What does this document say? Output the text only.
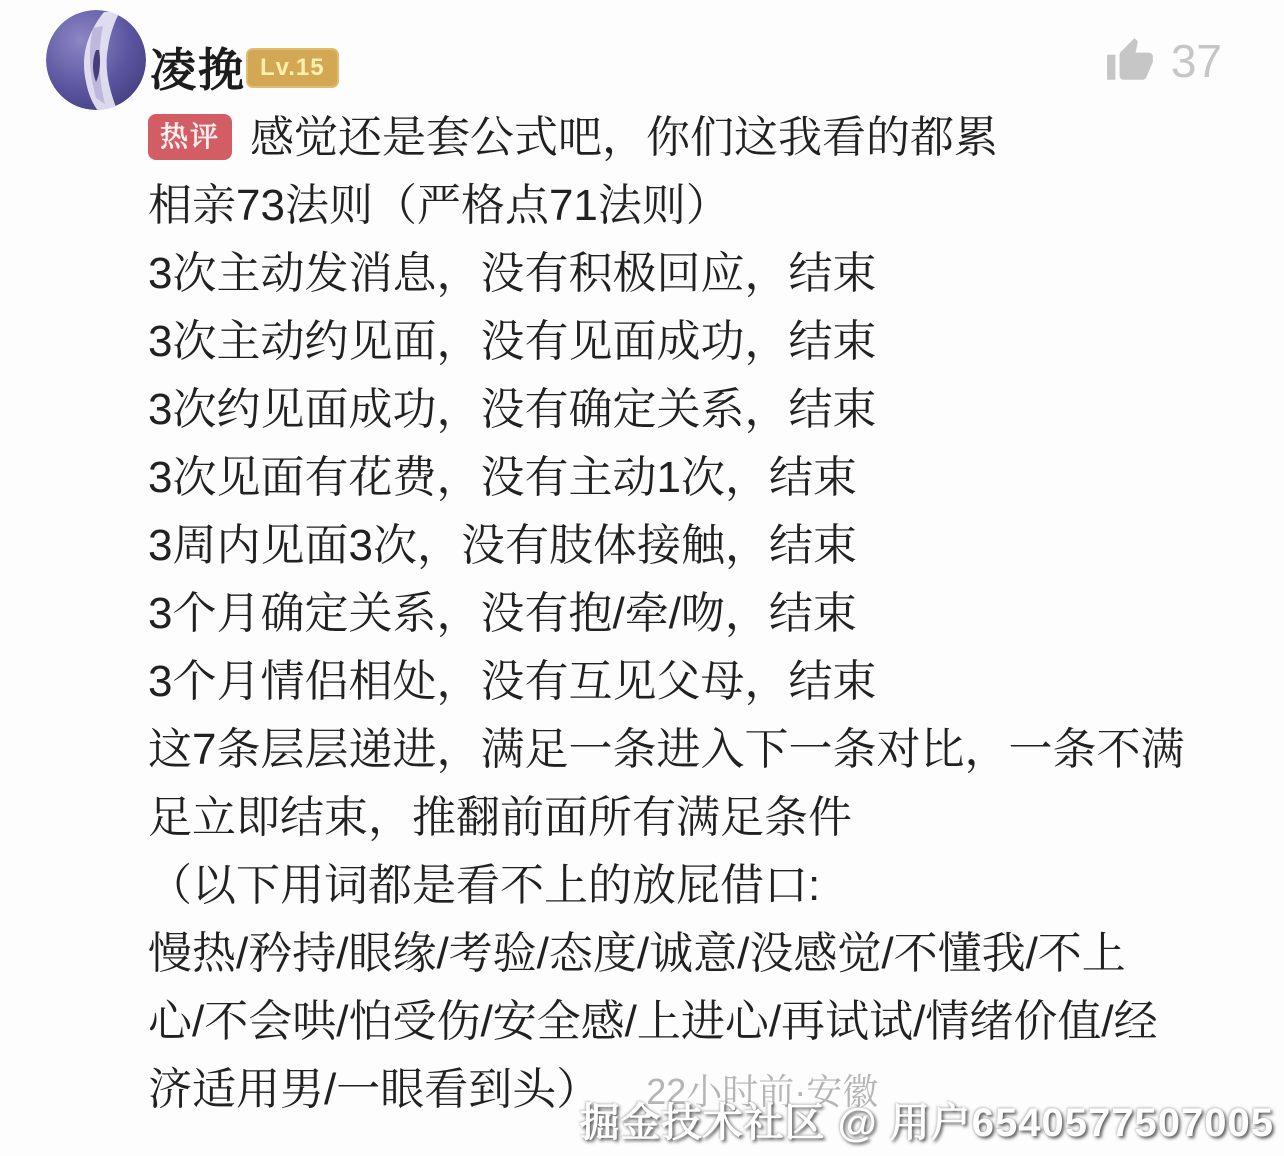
凌挽 Lv.15	37
热评 感觉还是套公式吧，你们这我看的都累
相亲73法则（严格点71法则）
3次主动发消息，没有积极回应，结束
3次主动约见面，没有见面成功，结束
3次约见面成功，没有确定关系，结束
3次见面有花费，没有主动1次，结束
3周内见面3次，没有肢体接触，结束
3个月确定关系，没有抱/牵/吻，结束
3个月情侣相处，没有互见父母，结束
这7条层层递进，满足一条进入下一条对比，一条不满
足立即结束，推翻前面所有满足条件
（以下用词都是看不上的放屁借口:
慢热/矜持/眼缘/考验/态度/诚意/没感觉/不懂我/不上
心/不会哄/怕受伤/安全感/上进心/再试试/情绪价值/经
济适用男/一眼看到头） 22小时前·安徽
掘金技术社区 @ 用户6540577507005
